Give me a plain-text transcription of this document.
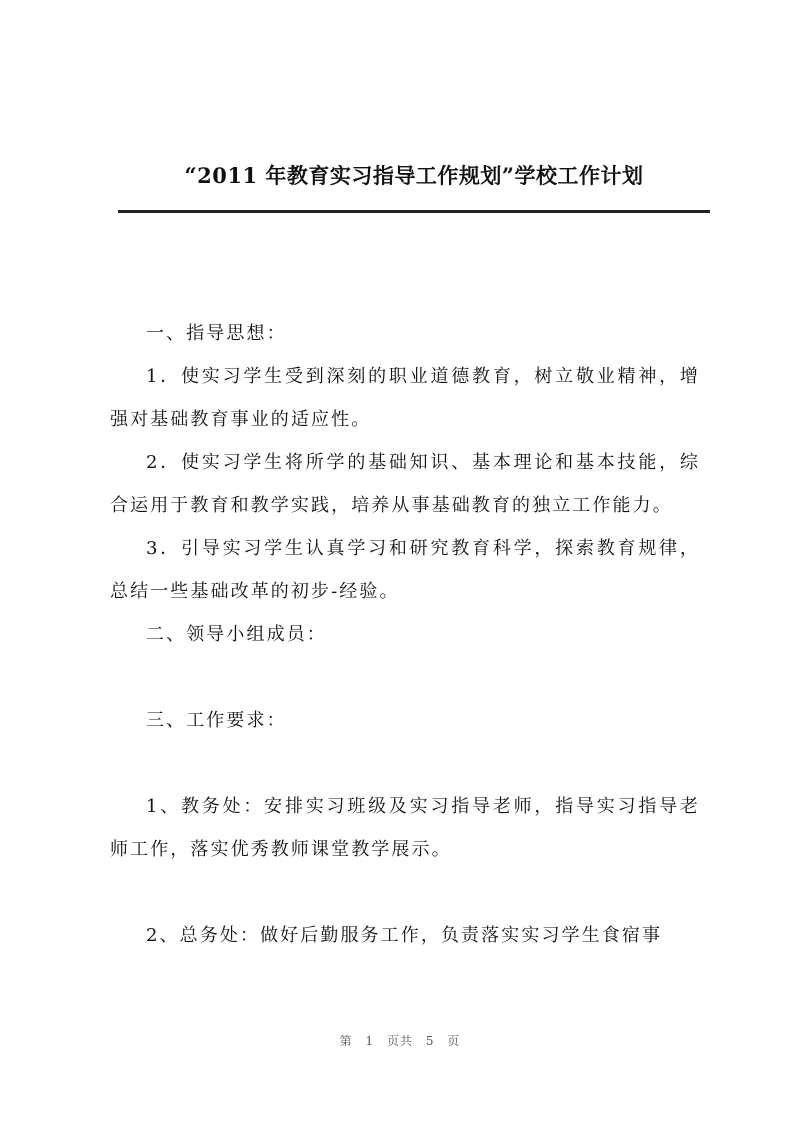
“2011 年教育实习指导工作规划”学校工作计划

一、指导思想：

1．使实习学生受到深刻的职业道德教育，树立敬业精神，增强对基础教育事业的适应性。

2．使实习学生将所学的基础知识、基本理论和基本技能，综合运用于教育和教学实践，培养从事基础教育的独立工作能力。

3．引导实习学生认真学习和研究教育科学，探索教育规律，总结一些基础改革的初步-经验。

二、领导小组成员：

三、工作要求：

1、教务处：安排实习班级及实习指导老师，指导实习指导老师工作，落实优秀教师课堂教学展示。

2、总务处：做好后勤服务工作，负责落实实习学生食宿事

第 1 页共 5 页
